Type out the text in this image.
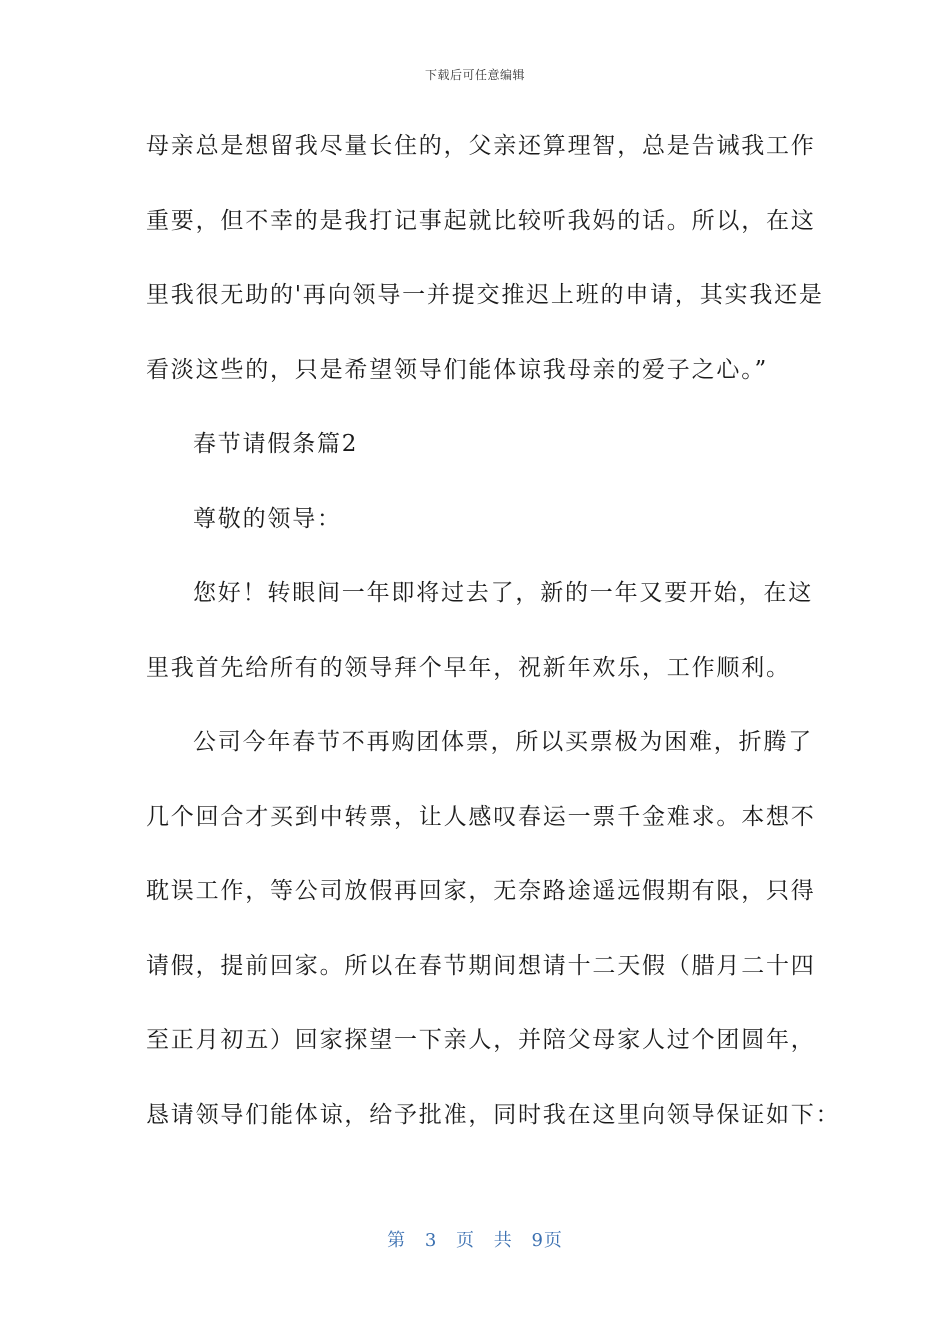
下载后可任意编辑
母亲总是想留我尽量长住的，父亲还算理智，总是告诫我工作
重要，但不幸的是我打记事起就比较听我妈的话。所以，在这
里我很无助的'再向领导一并提交推迟上班的申请，其实我还是
看淡这些的，只是希望领导们能体谅我母亲的爱子之心。”
春节请假条篇2
尊敬的领导：
您好！转眼间一年即将过去了，新的一年又要开始，在这
里我首先给所有的领导拜个早年，祝新年欢乐，工作顺利。
公司今年春节不再购团体票，所以买票极为困难，折腾了
几个回合才买到中转票，让人感叹春运一票千金难求。本想不
耽误工作，等公司放假再回家，无奈路途遥远假期有限，只得
请假，提前回家。所以在春节期间想请十二天假（腊月二十四
至正月初五）回家探望一下亲人，并陪父母家人过个团圆年，
恳请领导们能体谅，给予批准，同时我在这里向领导保证如下：
第 3 页 共 9页
